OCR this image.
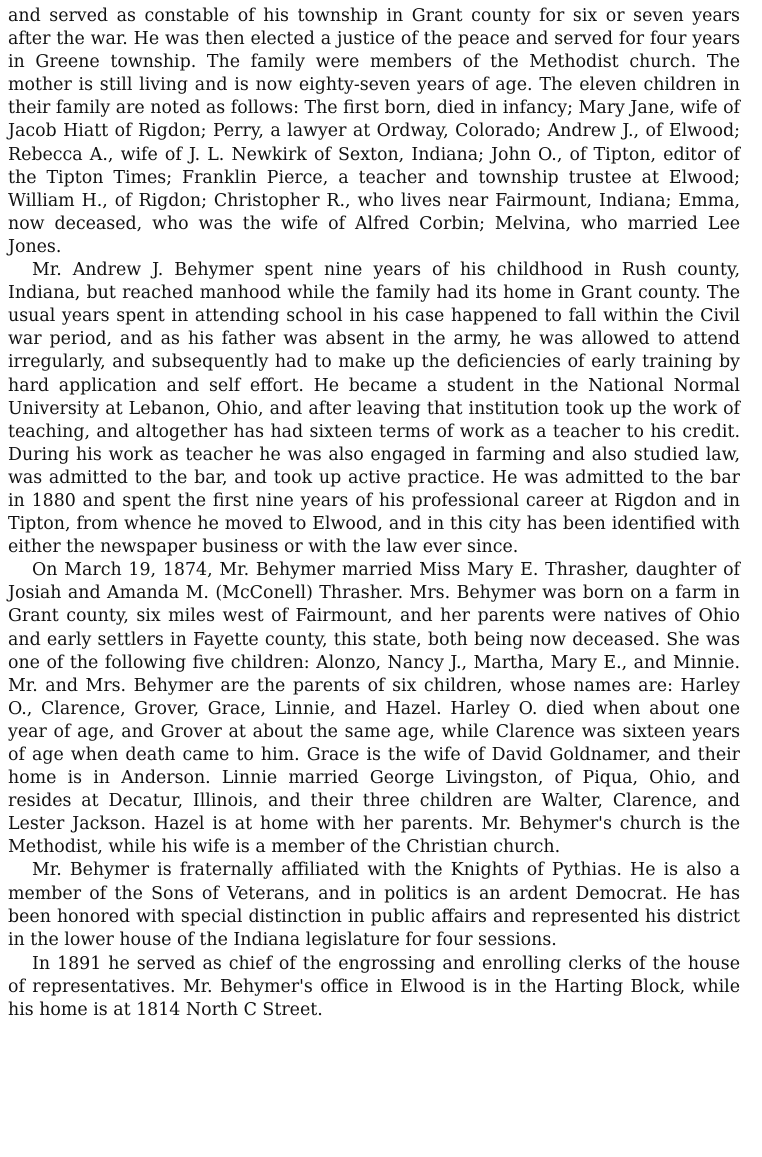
and served as constable of his township in Grant county for six or seven years after the war. He was then elected a justice of the peace and served for four years in Greene township. The family were members of the Methodist church. The mother is still living and is now eighty-seven years of age. The eleven children in their family are noted as follows: The first born, died in infancy; Mary Jane, wife of Jacob Hiatt of Rigdon; Perry, a lawyer at Ordway, Colorado; Andrew J., of Elwood; Rebecca A., wife of J. L. Newkirk of Sexton, Indiana; John O., of Tipton, editor of the Tipton Times; Franklin Pierce, a teacher and township trustee at Elwood; William H., of Rigdon; Christopher R., who lives near Fairmount, Indiana; Emma, now deceased, who was the wife of Alfred Corbin; Melvina, who married Lee Jones.

Mr. Andrew J. Behymer spent nine years of his childhood in Rush county, Indiana, but reached manhood while the family had its home in Grant county. The usual years spent in attending school in his case happened to fall within the Civil war period, and as his father was absent in the army, he was allowed to attend irregularly, and subsequently had to make up the deficiencies of early training by hard application and self effort. He became a student in the National Normal University at Lebanon, Ohio, and after leaving that institution took up the work of teaching, and altogether has had sixteen terms of work as a teacher to his credit. During his work as teacher he was also engaged in farming and also studied law, was admitted to the bar, and took up active practice. He was admitted to the bar in 1880 and spent the first nine years of his professional career at Rigdon and in Tipton, from whence he moved to Elwood, and in this city has been identified with either the newspaper business or with the law ever since.

On March 19, 1874, Mr. Behymer married Miss Mary E. Thrasher, daughter of Josiah and Amanda M. (McConell) Thrasher. Mrs. Behymer was born on a farm in Grant county, six miles west of Fairmount, and her parents were natives of Ohio and early settlers in Fayette county, this state, both being now deceased. She was one of the following five children: Alonzo, Nancy J., Martha, Mary E., and Minnie. Mr. and Mrs. Behymer are the parents of six children, whose names are: Harley O., Clarence, Grover, Grace, Linnie, and Hazel. Harley O. died when about one year of age, and Grover at about the same age, while Clarence was sixteen years of age when death came to him. Grace is the wife of David Goldnamer, and their home is in Anderson. Linnie married George Livingston, of Piqua, Ohio, and resides at Decatur, Illinois, and their three children are Walter, Clarence, and Lester Jackson. Hazel is at home with her parents. Mr. Behymer's church is the Methodist, while his wife is a member of the Christian church.

Mr. Behymer is fraternally affiliated with the Knights of Pythias. He is also a member of the Sons of Veterans, and in politics is an ardent Democrat. He has been honored with special distinction in public affairs and represented his district in the lower house of the Indiana legislature for four sessions.

In 1891 he served as chief of the engrossing and enrolling clerks of the house of representatives. Mr. Behymer's office in Elwood is in the Harting Block, while his home is at 1814 North C Street.
